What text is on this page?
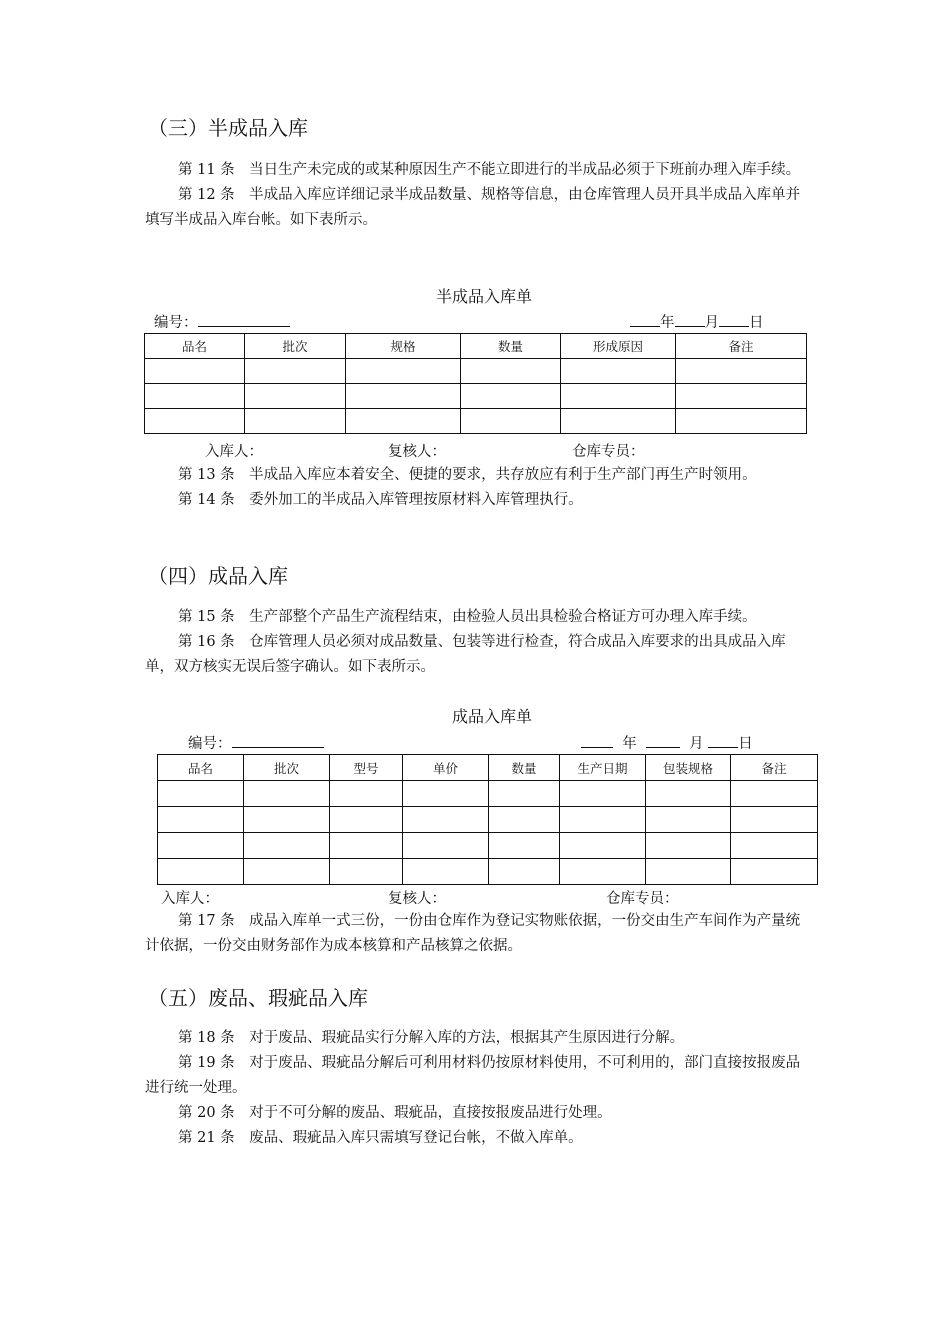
（三）半成品入库

第 11 条　当日生产未完成的或某种原因生产不能立即进行的半成品必须于下班前办理入库手续。

第 12 条　半成品入库应详细记录半成品数量、规格等信息，由仓库管理人员开具半成品入库单并填写半成品入库台帐。如下表所示。

半成品入库单
编号：	年 月 日
品名	批次	规格	数量	形成原因	备注

入库人：	复核人：	仓库专员：

第 13 条　半成品入库应本着安全、便捷的要求，共存放应有利于生产部门再生产时领用。

第 14 条　委外加工的半成品入库管理按原材料入库管理执行。

（四）成品入库

第 15 条　生产部整个产品生产流程结束，由检验人员出具检验合格证方可办理入库手续。

第 16 条　仓库管理人员必须对成品数量、包装等进行检查，符合成品入库要求的出具成品入库单，双方核实无误后签字确认。如下表所示。

成品入库单
编号：	年	月 日
品名	批次	型号	单价	数量	生产日期	包装规格	备注

入库人：	复核人：	仓库专员：

第 17 条　成品入库单一式三份，一份由仓库作为登记实物账依据，一份交由生产车间作为产量统计依据，一份交由财务部作为成本核算和产品核算之依据。

（五）废品、瑕疵品入库

第 18 条　对于废品、瑕疵品实行分解入库的方法，根据其产生原因进行分解。

第 19 条　对于废品、瑕疵品分解后可利用材料仍按原材料使用，不可利用的，部门直接按报废品进行统一处理。

第 20 条　对于不可分解的废品、瑕疵品，直接按报废品进行处理。

第 21 条　废品、瑕疵品入库只需填写登记台帐，不做入库单。
